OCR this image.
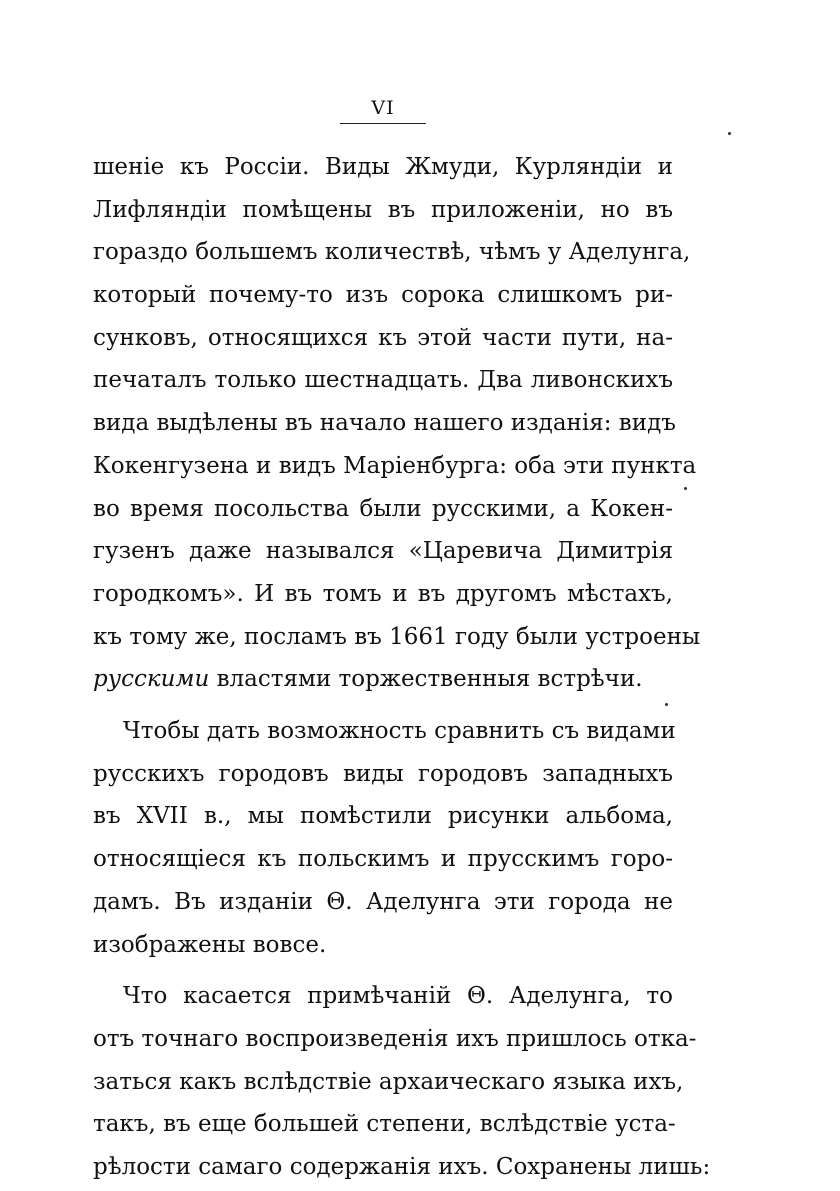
VI
шеніе къ Россіи. Виды Жмуди, Курляндіи и
Лифляндіи помѣщены въ приложеніи, но въ
гораздо большемъ количествѣ, чѣмъ у Аделунга,
который почему-то изъ сорока слишкомъ ри-
сунковъ, относящихся къ этой части пути, на-
печаталъ только шестнадцать. Два ливонскихъ
вида выдѣлены въ начало нашего изданія: видъ
Кокенгузена и видъ Маріенбурга: оба эти пункта
во время посольства были русскими, а Кокен-
гузенъ даже назывался «Царевича Димитрія
городкомъ». И въ томъ и въ другомъ мѣстахъ,
къ тому же, посламъ въ 1661 году были устроены
русскими властями торжественныя встрѣчи.
Чтобы дать возможность сравнить съ видами
русскихъ городовъ виды городовъ западныхъ
въ XVII в., мы помѣстили рисунки альбома,
относящіеся къ польскимъ и прусскимъ горо-
дамъ. Въ изданіи Θ. Аделунга эти города не
изображены вовсе.
Что касается примѣчаній Θ. Аделунга, то
отъ точнаго воспроизведенія ихъ пришлось отка-
заться какъ вслѣдствіе архаическаго языка ихъ,
такъ, въ еще большей степени, вслѣдствіе уста-
рѣлости самаго содержанія ихъ. Сохранены лишь:
